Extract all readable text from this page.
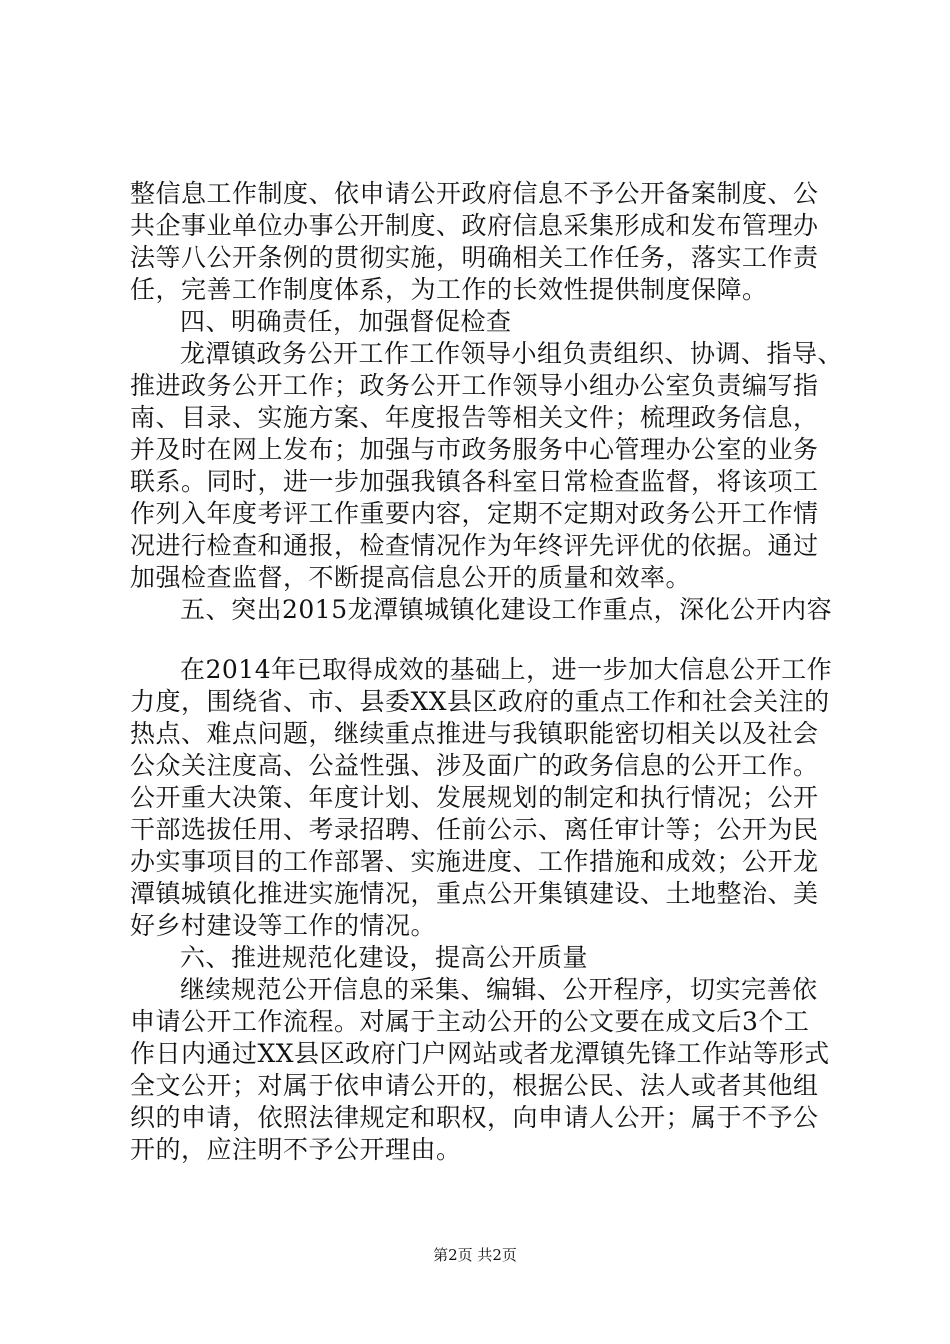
整信息工作制度、依申请公开政府信息不予公开备案制度、公
共企事业单位办事公开制度、政府信息采集形成和发布管理办
法等八公开条例的贯彻实施，明确相关工作任务，落实工作责
任，完善工作制度体系，为工作的长效性提供制度保障。
四、明确责任，加强督促检查
龙潭镇政务公开工作工作领导小组负责组织、协调、指导、
推进政务公开工作；政务公开工作领导小组办公室负责编写指
南、目录、实施方案、年度报告等相关文件；梳理政务信息，
并及时在网上发布；加强与市政务服务中心管理办公室的业务
联系。同时，进一步加强我镇各科室日常检查监督，将该项工
作列入年度考评工作重要内容，定期不定期对政务公开工作情
况进行检查和通报，检查情况作为年终评先评优的依据。通过
加强检查监督，不断提高信息公开的质量和效率。
五、突出2015龙潭镇城镇化建设工作重点，深化公开内容
在2014年已取得成效的基础上，进一步加大信息公开工作
力度，围绕省、市、县委XX县区政府的重点工作和社会关注的
热点、难点问题，继续重点推进与我镇职能密切相关以及社会
公众关注度高、公益性强、涉及面广的政务信息的公开工作。
公开重大决策、年度计划、发展规划的制定和执行情况；公开
干部选拔任用、考录招聘、任前公示、离任审计等；公开为民
办实事项目的工作部署、实施进度、工作措施和成效；公开龙
潭镇城镇化推进实施情况，重点公开集镇建设、土地整治、美
好乡村建设等工作的情况。
六、推进规范化建设，提高公开质量
继续规范公开信息的采集、编辑、公开程序，切实完善依
申请公开工作流程。对属于主动公开的公文要在成文后3个工
作日内通过XX县区政府门户网站或者龙潭镇先锋工作站等形式
全文公开；对属于依申请公开的，根据公民、法人或者其他组
织的申请，依照法律规定和职权，向申请人公开；属于不予公
开的，应注明不予公开理由。
第2页 共2页
